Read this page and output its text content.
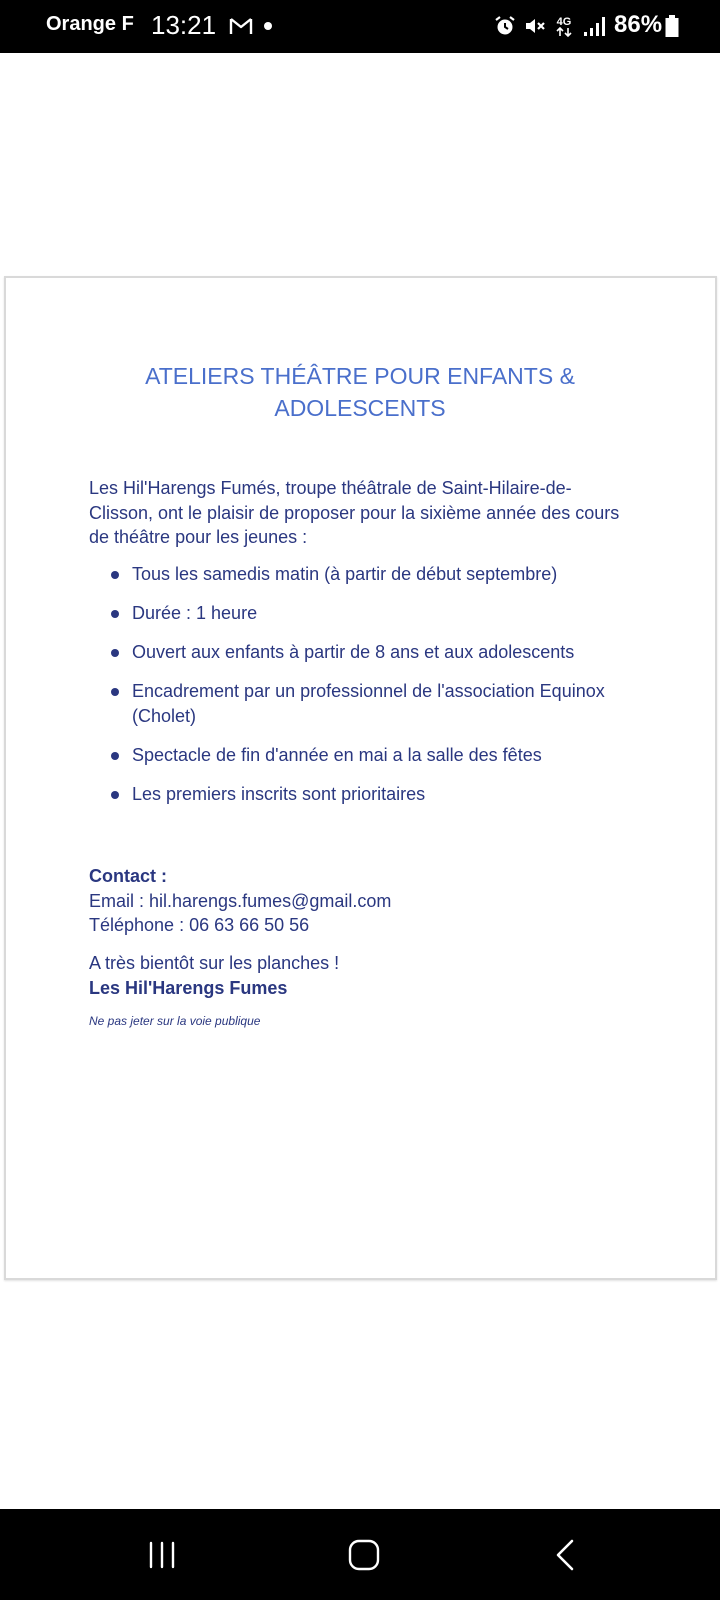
Orange F 13:21	4G 86%
ATELIERS THÉÂTRE POUR ENFANTS & ADOLESCENTS
Les Hil'Harengs Fumés, troupe théâtrale de Saint-Hilaire-de-Clisson, ont le plaisir de proposer pour la sixième année des cours de théâtre pour les jeunes :
Tous les samedis matin (à partir de début septembre)
Durée : 1 heure
Ouvert aux enfants à partir de 8 ans et aux adolescents
Encadrement par un professionnel de l'association Equinox (Cholet)
Spectacle de fin d'année en mai a la salle des fêtes
Les premiers inscrits sont prioritaires
Contact :
Email : hil.harengs.fumes@gmail.com
Téléphone : 06 63 66 50 56
A très bientôt sur les planches !
Les Hil'Harengs Fumes
Ne pas jeter sur la voie publique
